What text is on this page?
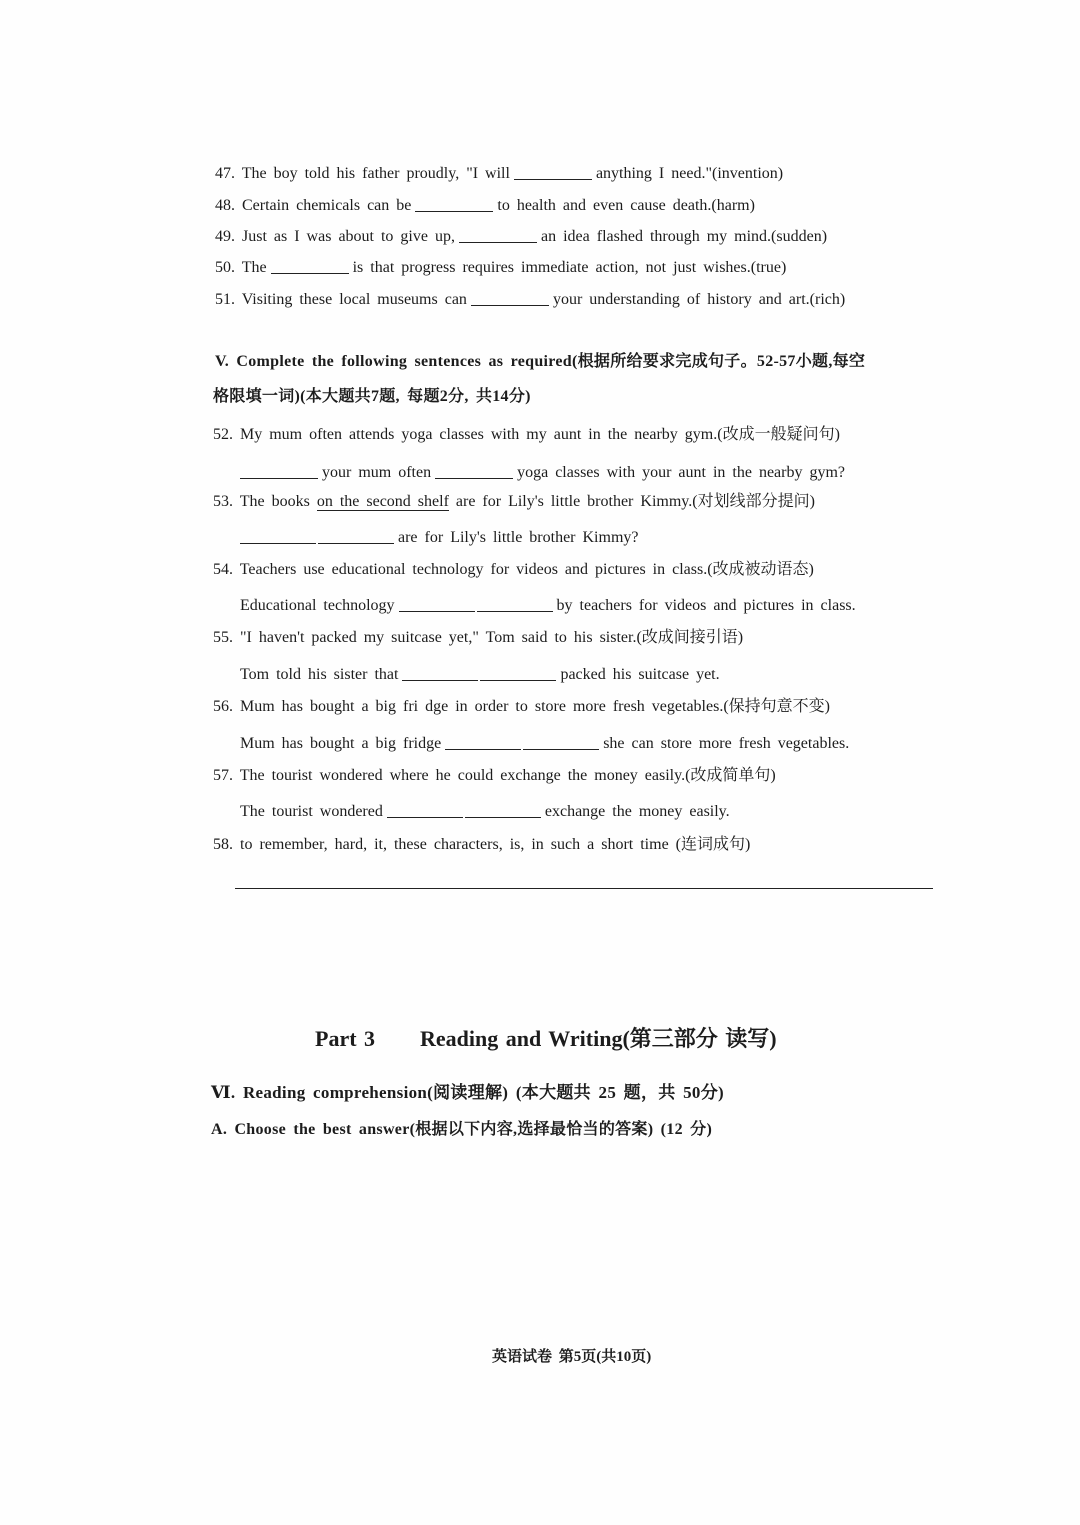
47. The boy told his father proudly, "I will	anything I need."(invention)
48. Certain chemicals can be	to health and even cause death.(harm)
49. Just as I was about to give up,	an idea flashed through my mind.(sudden)
50. The	is that progress requires immediate action, not just wishes.(true)
51. Visiting these local museums can	your understanding of history and art.(rich)
V. Complete the following sentences as required(根据所给要求完成句子。52-57小题,每空
格限填一词)(本大题共7题, 每题2分, 共14分)
52. My mum often attends yoga classes with my aunt in the nearby gym.(改成一般疑问句)
your mum often	yoga classes with your aunt in the nearby gym?
53. The books on the second shelf are for Lily's little brother Kimmy.(对划线部分提问)
are for Lily's little brother Kimmy?
54. Teachers use educational technology for videos and pictures in class.(改成被动语态)
Educational technology	by teachers for videos and pictures in class.
55. "I haven't packed my suitcase yet," Tom said to his sister.(改成间接引语)
Tom told his sister that	packed his suitcase yet.
56. Mum has bought a big fri dge in order to store more fresh vegetables.(保持句意不变)
Mum has bought a big fridge	she can store more fresh vegetables.
57. The tourist wondered where he could exchange the money easily.(改成简单句)
The tourist wondered	exchange the money easily.
58. to remember, hard, it, these characters, is, in such a short time (连词成句)
Part 3 Reading and Writing(第三部分 读写)
Ⅵ. Reading comprehension(阅读理解) (本大题共 25 题，共 50分)
A. Choose the best answer(根据以下内容,选择最恰当的答案) (12 分)
英语试卷 第5页(共10页)
